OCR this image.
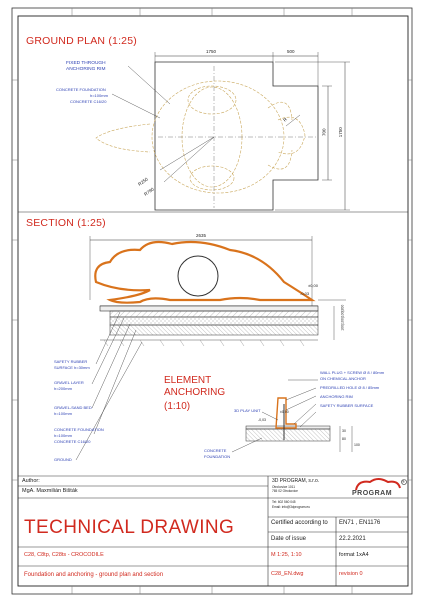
GROUND PLAN (1:25)
1750	500
700	1750
R250
R780
R
FIXED THROUGH
ANCHORING RIM
CONCRETE FOUNDATION
h=100mm
CONCRETE C16/20
SECTION (1:25)
2635
±0,00
-0,03
100|100|100|200
SAFETY RUBBER
SURFACE h=30mm
GRAVEL LAYER
h=200mm
GRAVEL-SAND BED
h=100mm
CONCRETE FOUNDATION
h=100mm
CONCRETE C16/20
GROUND
ELEMENT
ANCHORING
(1:10)
WALL PLUG + SCREW Ø 8 / 80mm
ON CHEMICAL ANCHOR
PREDRILLED HOLE Ø 8 / 85mm
ANCHORING RIM
SAFETY RUBBER SURFACE
3D PLAY UNIT
CONCRETE
FOUNDATION
-0,03
±0,00
30
80
100
Author:
MgA. Maxmilián Bišták
3D PROGRAM, s.r.o.
Otrokovice 1011
765 02 Otrokovice
Tel: 602 560 045
Email: info@3dprogram.eu
PROGRAM
®
TECHNICAL DRAWING	Certified according to EN71 , EN1176
Date of issue	22.2.2021
C28, C8tp, C28ts - CROCODILE	M 1:25, 1:10	format 1xA4
Foundation and anchoring - ground plan and section	C28_EN.dwg	revision 0
